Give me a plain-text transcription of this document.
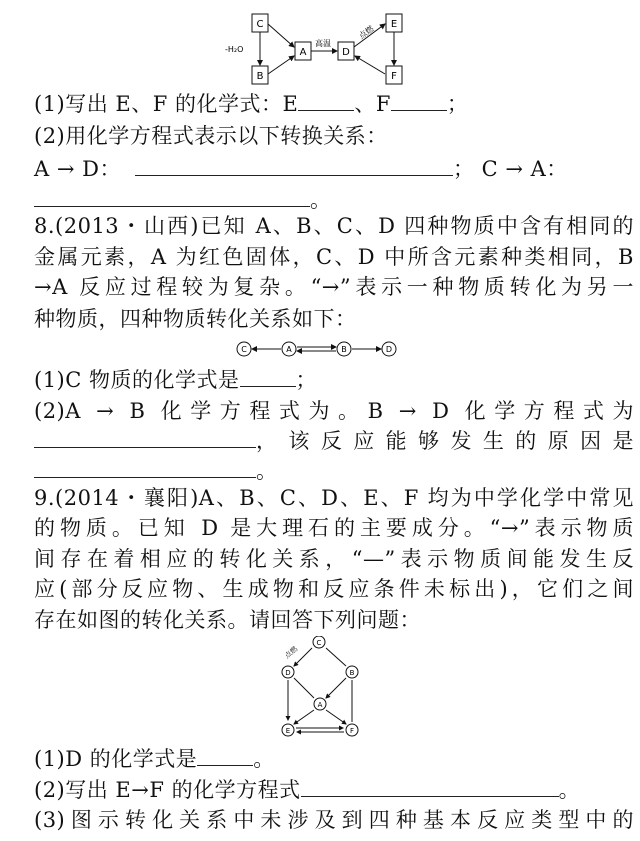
C
B
A	D
E
F
-H₂O
高温
点燃
(1)写出 E、F 的化学式：E	、F	；
(2)用化学方程式表示以下转换关系：
A → D：	； C → A：
。
8.(2013・山西)已知 A、B、C、D 四种物质中含有相同的
金属元素，A 为红色固体，C、D 中所含元素种类相同，B
→A 反应过程较为复杂。“→”表示一种物质转化为另一
种物质，四种物质转化关系如下：
C	A	B	D
(1)C 物质的化学式是	；
(2)A → B 化学方程式为。B → D 化学方程式为
，该反应能够发生的原因是
。
9.(2014・襄阳)A、B、C、D、E、F 均为中学化学中常见
的物质。已知 D 是大理石的主要成分。“→”表示物质
间存在着相应的转化关系，“—”表示物质间能发生反
应(部分反应物、生成物和反应条件未标出)，它们之间
存在如图的转化关系。请回答下列问题：
C
D	B
A
E	F
点燃
(1)D 的化学式是	。
(2)写出 E→F 的化学方程式	。
(3)图示转化关系中未涉及到四种基本反应类型中的
